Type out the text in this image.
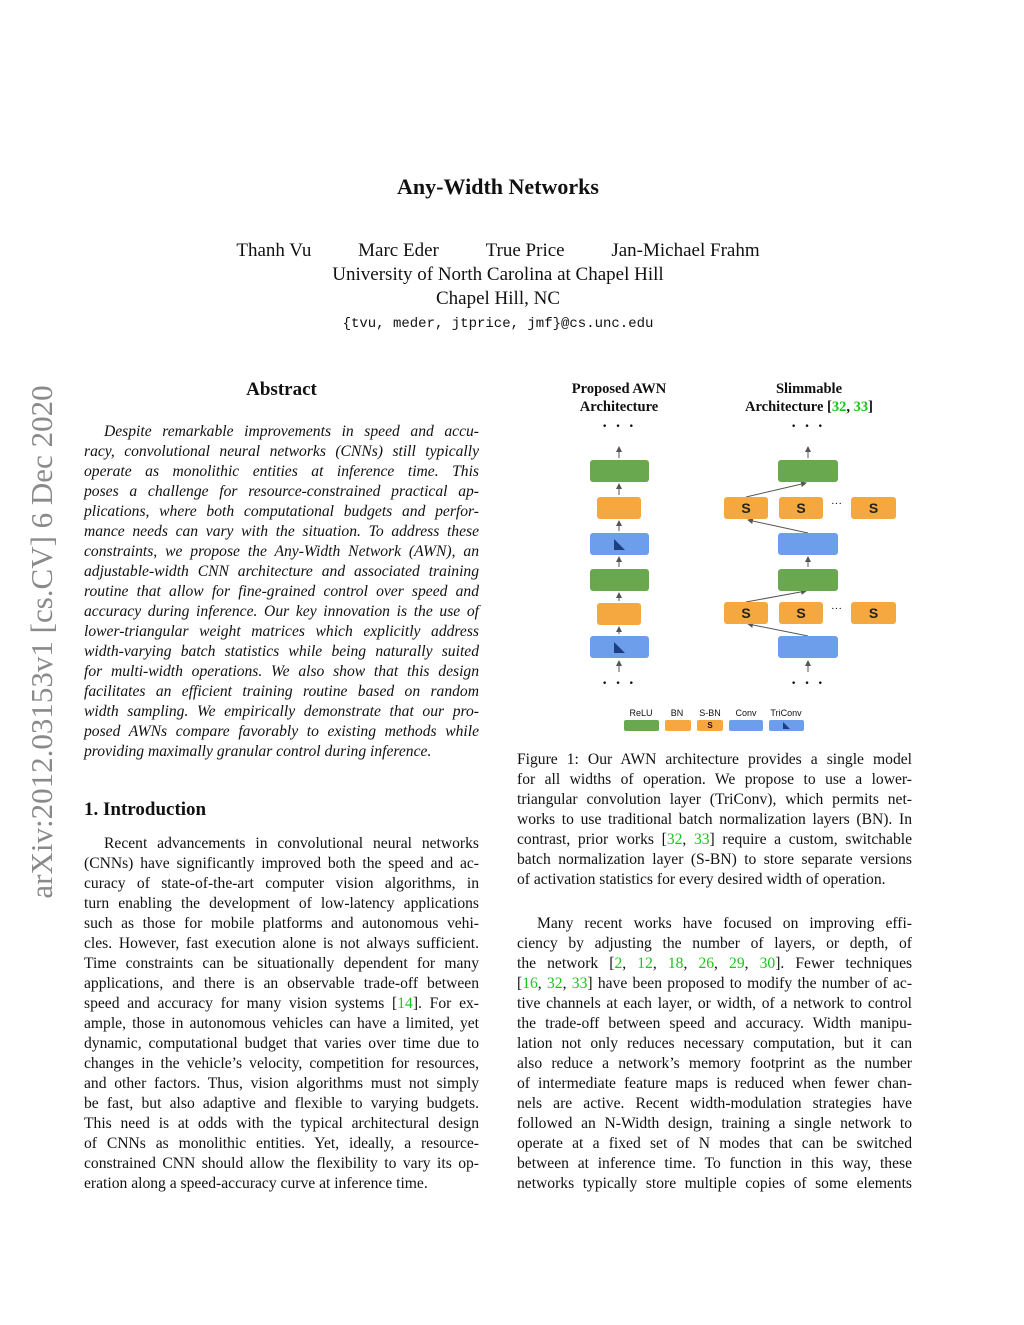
Any-Width Networks
Thanh Vu Marc Eder True Price Jan-Michael Frahm
University of North Carolina at Chapel Hill
Chapel Hill, NC
{tvu, meder, jtprice, jmf}@cs.unc.edu
arXiv:2012.03153v1 [cs.CV] 6 Dec 2020	Abstract
Despite remarkable improvements in speed and accu-
racy, convolutional neural networks (CNNs) still typically
operate as monolithic entities at inference time. This
poses a challenge for resource-constrained practical ap-
plications, where both computational budgets and perfor-
mance needs can vary with the situation. To address these
constraints, we propose the Any-Width Network (AWN), an
adjustable-width CNN architecture and associated training
routine that allow for fine-grained control over speed and
accuracy during inference. Our key innovation is the use of
lower-triangular weight matrices which explicitly address
width-varying batch statistics while being naturally suited
for multi-width operations. We also show that this design
facilitates an efficient training routine based on random
width sampling. We empirically demonstrate that our pro-
posed AWNs compare favorably to existing methods while
providing maximally granular control during inference.
1. Introduction
Recent advancements in convolutional neural networks
(CNNs) have significantly improved both the speed and ac-
curacy of state-of-the-art computer vision algorithms, in
turn enabling the development of low-latency applications
such as those for mobile platforms and autonomous vehi-
cles. However, fast execution alone is not always sufficient.
Time constraints can be situationally dependent for many
applications, and there is an observable trade-off between
speed and accuracy for many vision systems [14]. For ex-
ample, those in autonomous vehicles can have a limited, yet
dynamic, computational budget that varies over time due to
changes in the vehicle’s velocity, competition for resources,
and other factors. Thus, vision algorithms must not simply
be fast, but also adaptive and flexible to varying budgets.
This need is at odds with the typical architectural design
of CNNs as monolithic entities. Yet, ideally, a resource-
constrained CNN should allow the flexibility to vary its op-
eration along a speed-accuracy curve at inference time.
Proposed AWN
Architecture
Slimmable
Architecture [32, 33]
· · ·
· · ·
· · ·
· · ·
S	S	···	S
S	S	···	S
ReLU BN S-BN Conv TriConv
S
Figure 1: Our AWN architecture provides a single model
for all widths of operation. We propose to use a lower-
triangular convolution layer (TriConv), which permits net-
works to use traditional batch normalization layers (BN). In
contrast, prior works [32, 33] require a custom, switchable
batch normalization layer (S-BN) to store separate versions
of activation statistics for every desired width of operation.
Many recent works have focused on improving effi-
ciency by adjusting the number of layers, or depth, of
the network [2, 12, 18, 26, 29, 30]. Fewer techniques
[16, 32, 33] have been proposed to modify the number of ac-
tive channels at each layer, or width, of a network to control
the trade-off between speed and accuracy. Width manipu-
lation not only reduces necessary computation, but it can
also reduce a network’s memory footprint as the number
of intermediate feature maps is reduced when fewer chan-
nels are active. Recent width-modulation strategies have
followed an N-Width design, training a single network to
operate at a fixed set of N modes that can be switched
between at inference time. To function in this way, these
networks typically store multiple copies of some elements
